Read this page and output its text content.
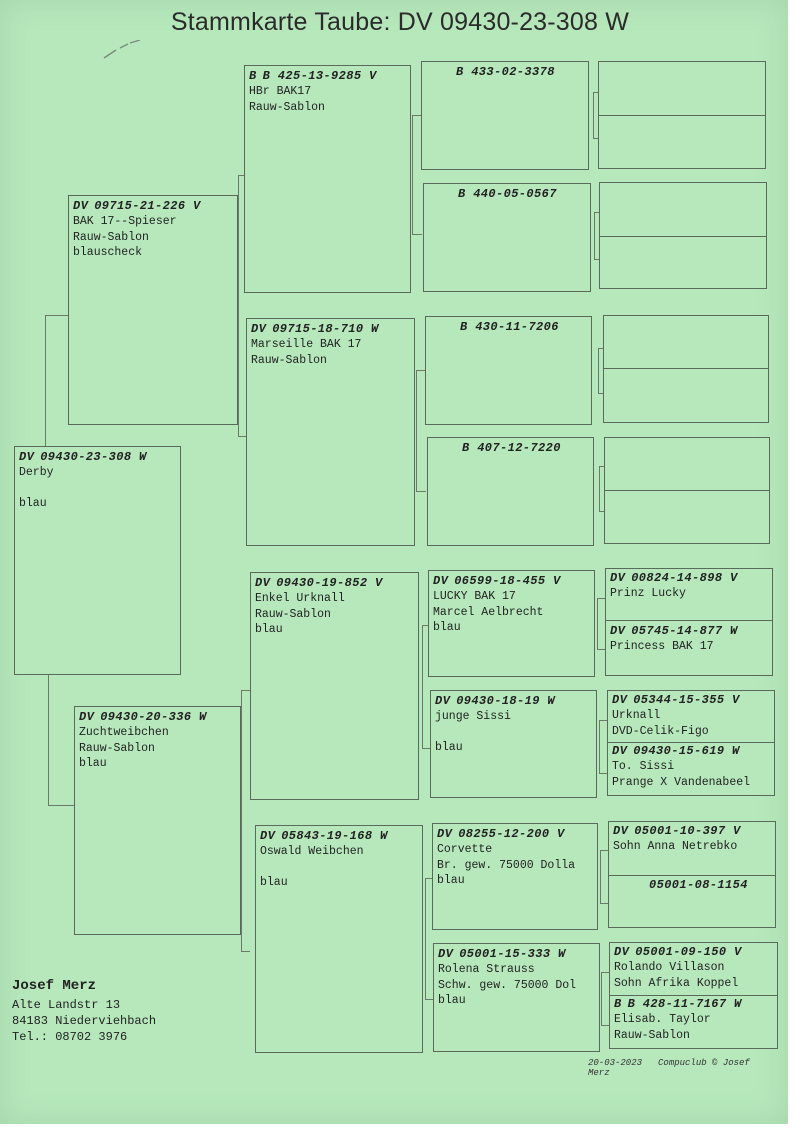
Stammkarte Taube: DV 09430-23-308 W
DV 09430-23-308 W
Derby

blau
DV 09715-21-226 V
BAK 17--Spieser
Rauw-Sablon
blauscheck
DV 09430-20-336 W
Zuchtweibchen
Rauw-Sablon
blau
B B 425-13-9285 V
HBr BAK17
Rauw-Sablon
DV 09715-18-710 W
Marseille BAK 17
Rauw-Sablon
DV 09430-19-852 V
Enkel Urknall
Rauw-Sablon
blau
DV 05843-19-168 W
Oswald Weibchen

blau
B 433-02-3378
B 440-05-0567
B 430-11-7206
B 407-12-7220
DV 06599-18-455 V
LUCKY BAK 17
Marcel Aelbrecht
blau
DV 09430-18-19 W
junge Sissi

blau
DV 08255-12-200 V
Corvette
Br. gew. 75000 Dolla
blau
DV 05001-15-333 W
Rolena Strauss
Schw. gew. 75000 Dol
blau
DV 00824-14-898 V
Prinz Lucky
DV 05745-14-877 W
Princess BAK 17
DV 05344-15-355 V
Urknall
DVD-Celik-Figo
DV 09430-15-619 W
To. Sissi
Prange X Vandenabeel
DV 05001-10-397 V
Sohn Anna Netrebko
05001-08-1154
DV 05001-09-150 V
Rolando Villason
Sohn Afrika Koppel
B B 428-11-7167 W
Elisab. Taylor
Rauw-Sablon
Josef Merz
Alte Landstr 13
84183 Niederviehbach
Tel.: 08702 3976
20-03-2023 Compuclub © Josef Merz
